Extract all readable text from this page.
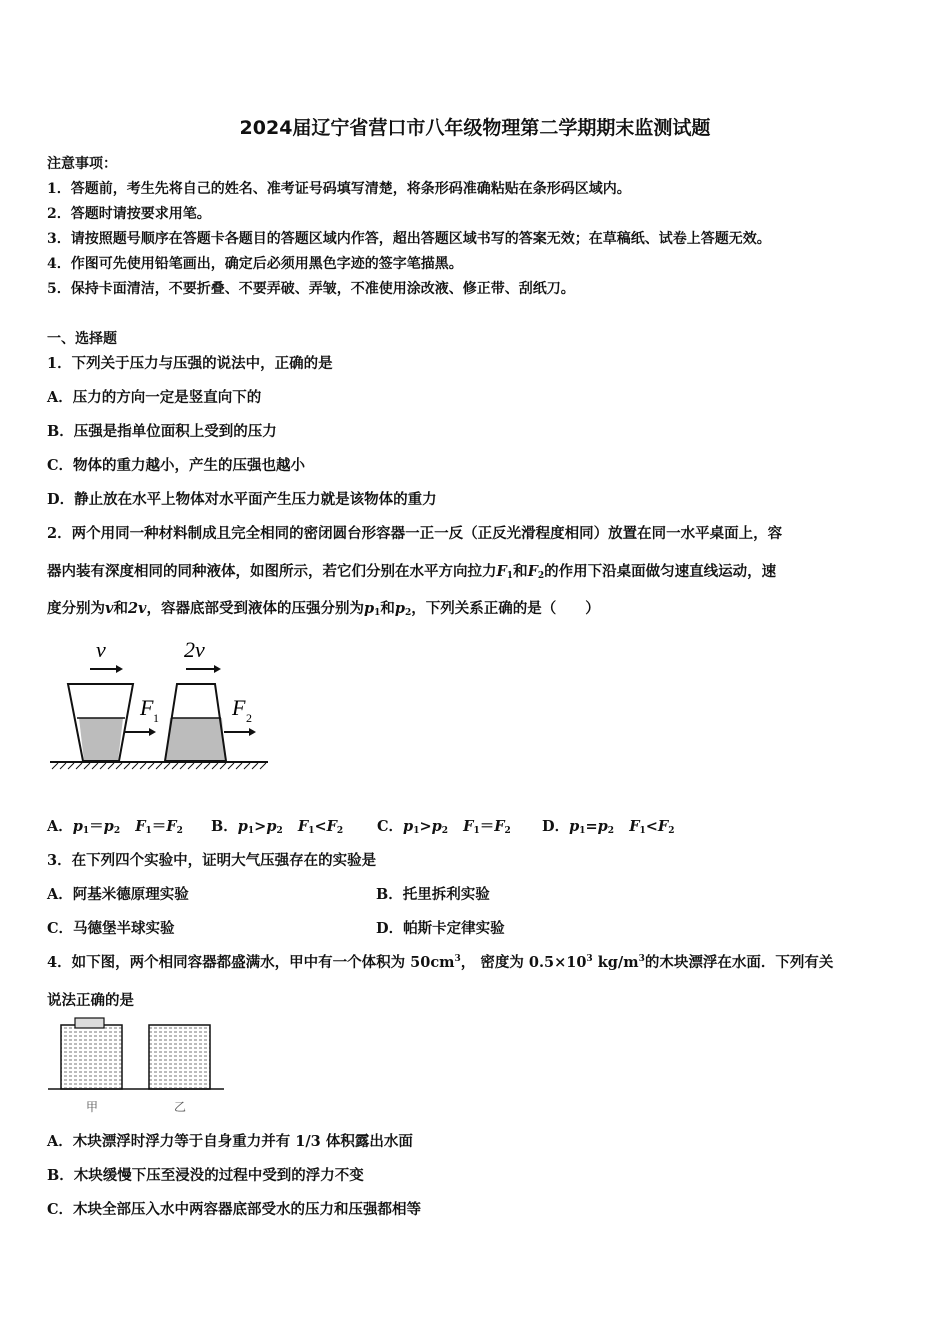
2024届辽宁省营口市八年级物理第二学期期末监测试题
注意事项：
1．答题前，考生先将自己的姓名、准考证号码填写清楚，将条形码准确粘贴在条形码区域内。
2．答题时请按要求用笔。
3．请按照题号顺序在答题卡各题目的答题区域内作答，超出答题区域书写的答案无效；在草稿纸、试卷上答题无效。
4．作图可先使用铅笔画出，确定后必须用黑色字迹的签字笔描黑。
5．保持卡面清洁，不要折叠、不要弄破、弄皱，不准使用涂改液、修正带、刮纸刀。
一、选择题
1．下列关于压力与压强的说法中，正确的是
A．压力的方向一定是竖直向下的
B．压强是指单位面积上受到的压力
C．物体的重力越小，产生的压强也越小
D．静止放在水平上物体对水平面产生压力就是该物体的重力
2．两个用同一种材料制成且完全相同的密闭圆台形容器一正一反（正反光滑程度相同）放置在同一水平桌面上，容
器内装有深度相同的同种液体，如图所示，若它们分别在水平方向拉力$F_1$和$F_2$的作用下沿桌面做匀速直线运动，速
度分别为v和2v，容器底部受到液体的压强分别为$p_1$和$p_2$，下列关系正确的是（　　）
v	2v
F 1	F 2
A．$p_1=p_2$ $F_1=F_2$ B．$p_1>p_2$ $F_1<F_2$ C．$p_1>p_2$ $F_1=F_2$ D．$p_1=p_2$ $F_1<F_2$
3．在下列四个实验中，证明大气压强存在的实验是
A．阿基米德原理实验	B．托里拆利实验
C．马德堡半球实验	D．帕斯卡定律实验
4．如下图，两个相同容器都盛满水，甲中有一个体积为 $50cm^3$， 密度为 $0.5\times 10^3$ $kg/m^3$的木块漂浮在水面．下列有关
说法正确的是
甲	乙
A．木块漂浮时浮力等于自身重力并有 1/3 体积露出水面
B．木块缓慢下压至浸没的过程中受到的浮力不变
C．木块全部压入水中两容器底部受水的压力和压强都相等
